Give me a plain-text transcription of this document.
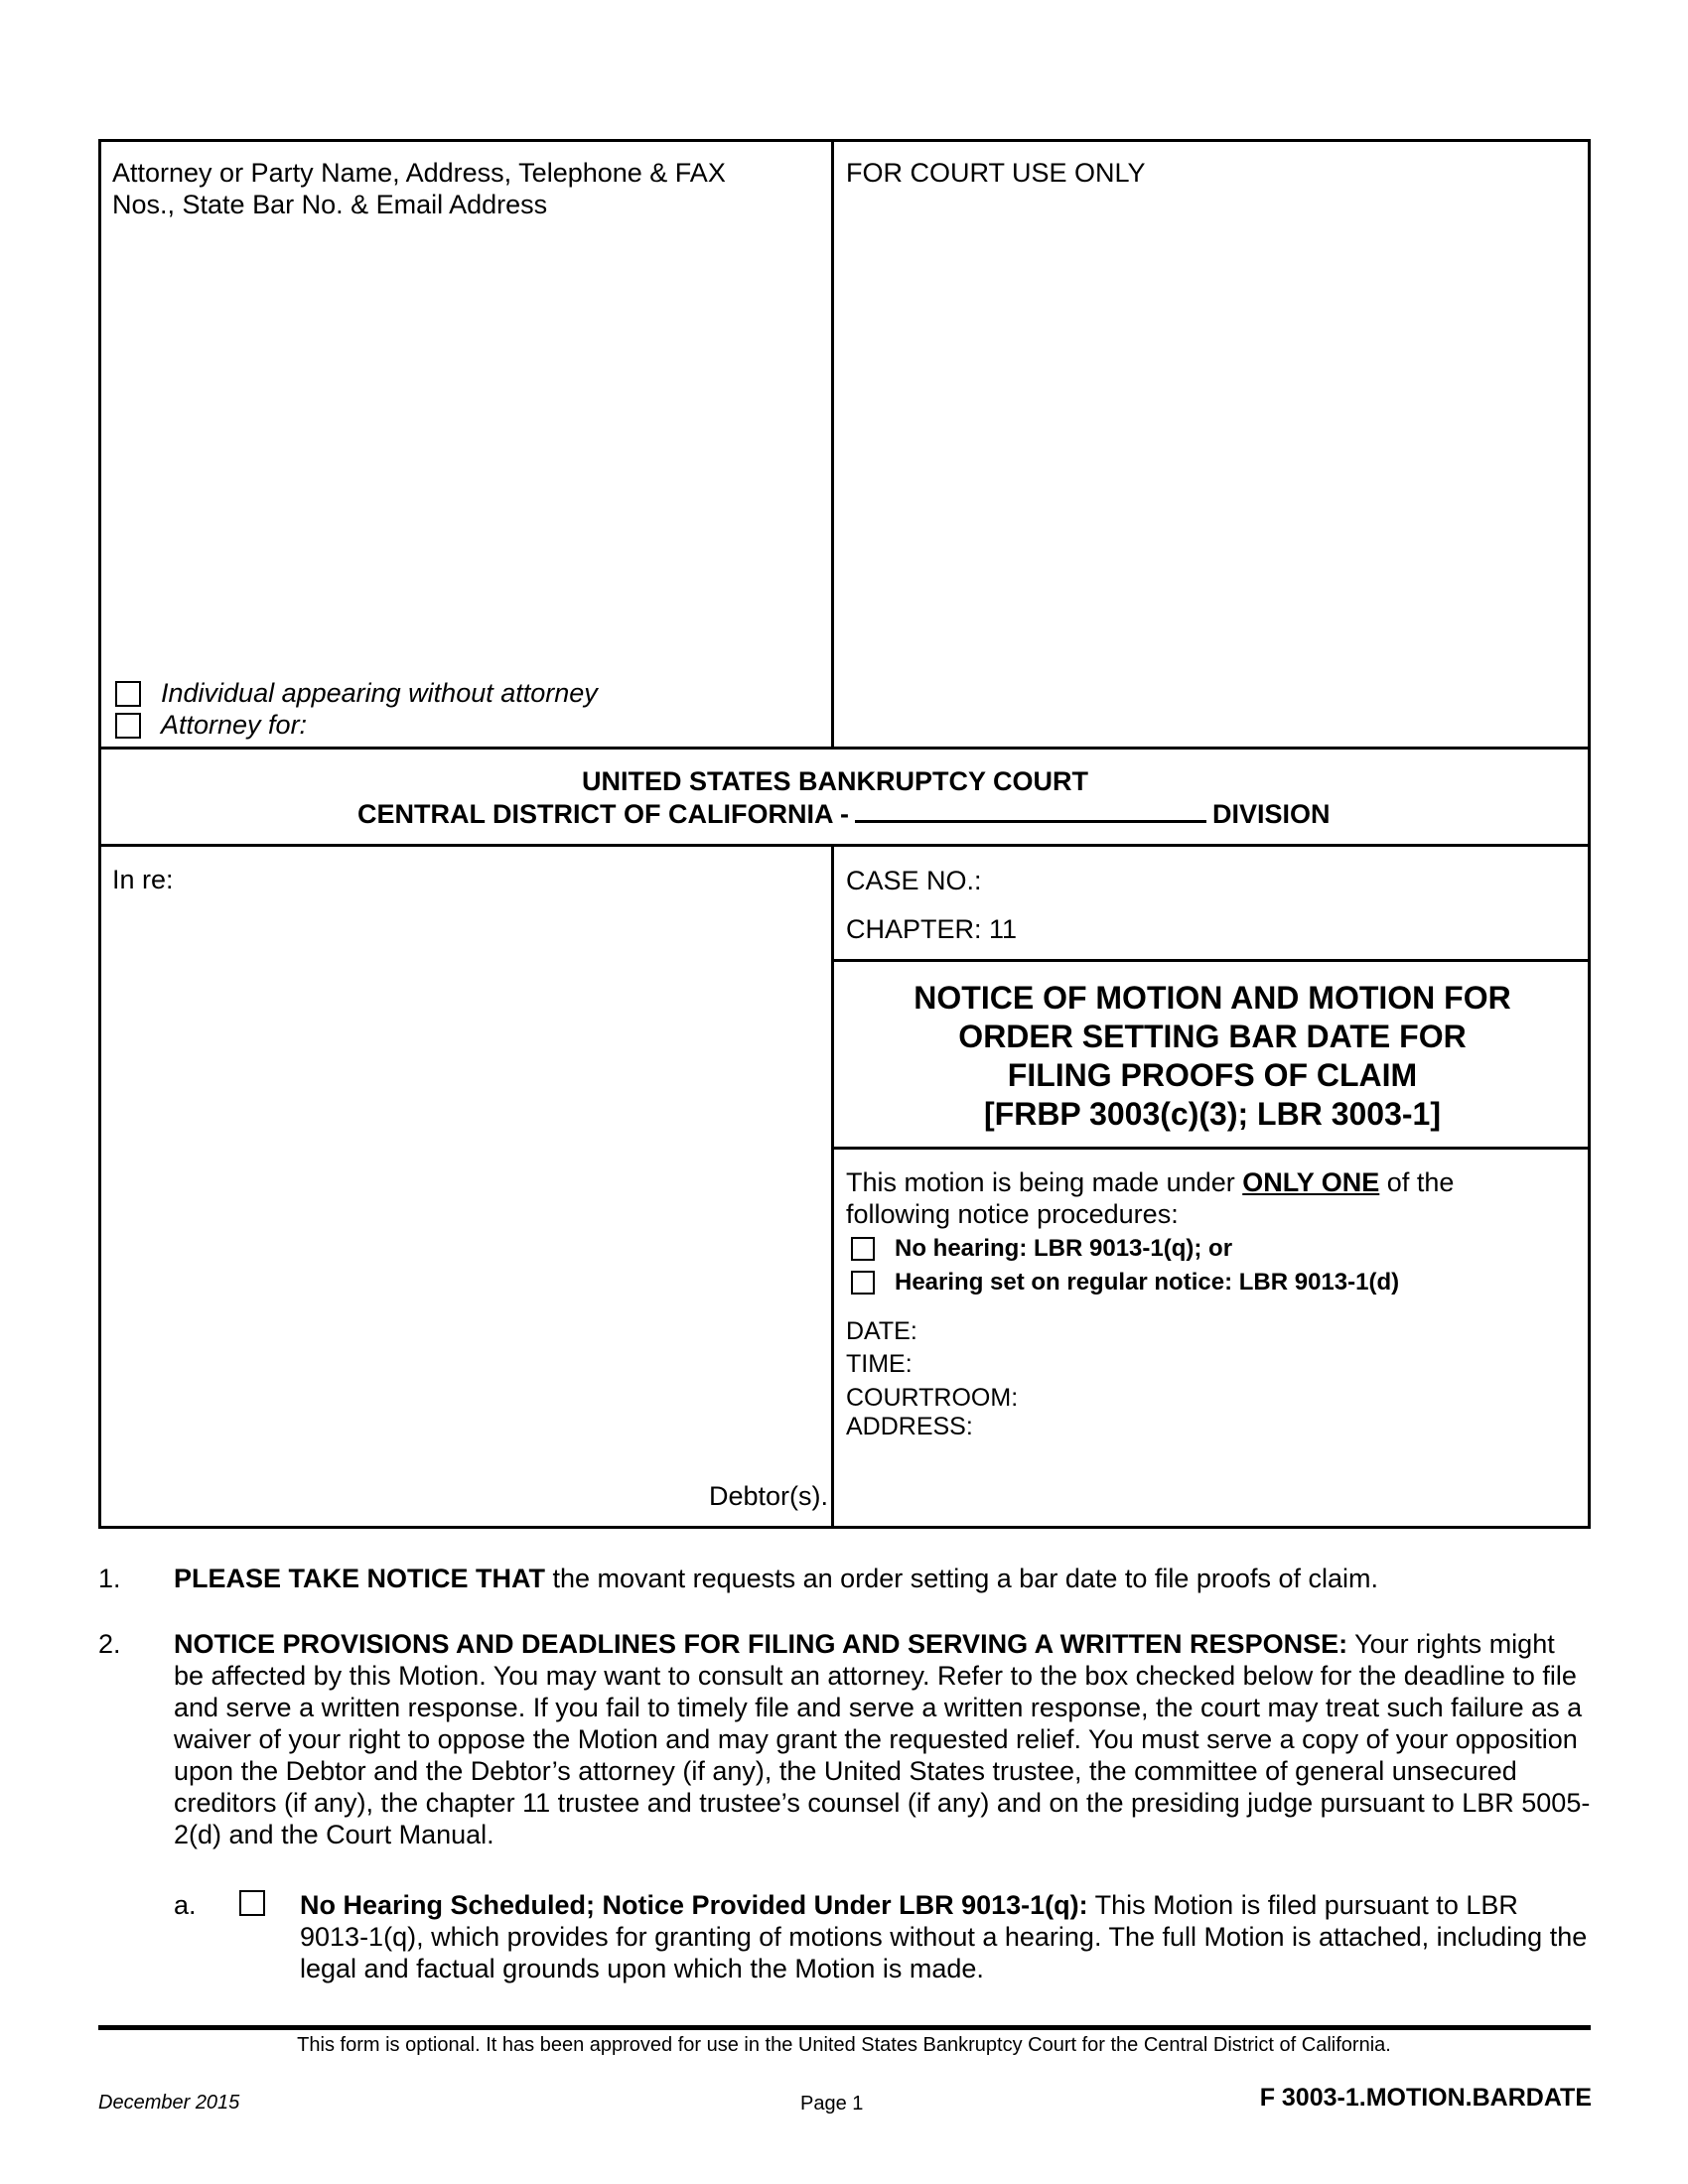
Attorney or Party Name, Address, Telephone & FAX
Nos., State Bar No. & Email Address
FOR COURT USE ONLY
Individual appearing without attorney
Attorney for:
UNITED STATES BANKRUPTCY COURT
CENTRAL DISTRICT OF CALIFORNIA -	DIVISION
In re:
Debtor(s).
CASE NO.:
CHAPTER: 11
NOTICE OF MOTION AND MOTION FOR
ORDER SETTING BAR DATE FOR
FILING PROOFS OF CLAIM
[FRBP 3003(c)(3); LBR 3003-1]
This motion is being made under ONLY ONE of the
following notice procedures:
No hearing: LBR 9013-1(q); or
Hearing set on regular notice: LBR 9013-1(d)
DATE:
TIME:
COURTROOM:
ADDRESS:
1. PLEASE TAKE NOTICE THAT the movant requests an order setting a bar date to file proofs of claim.
2. NOTICE PROVISIONS AND DEADLINES FOR FILING AND SERVING A WRITTEN RESPONSE: Your rights might be affected by this Motion. You may want to consult an attorney. Refer to the box checked below for the deadline to file and serve a written response. If you fail to timely file and serve a written response, the court may treat such failure as a waiver of your right to oppose the Motion and may grant the requested relief. You must serve a copy of your opposition upon the Debtor and the Debtor’s attorney (if any), the United States trustee, the committee of general unsecured creditors (if any), the chapter 11 trustee and trustee’s counsel (if any) and on the presiding judge pursuant to LBR 5005-2(d) and the Court Manual.
a.	No Hearing Scheduled; Notice Provided Under LBR 9013-1(q): This Motion is filed pursuant to LBR 9013-1(q), which provides for granting of motions without a hearing. The full Motion is attached, including the legal and factual grounds upon which the Motion is made.
This form is optional. It has been approved for use in the United States Bankruptcy Court for the Central District of California.
December 2015	Page 1	F 3003-1.MOTION.BARDATE
